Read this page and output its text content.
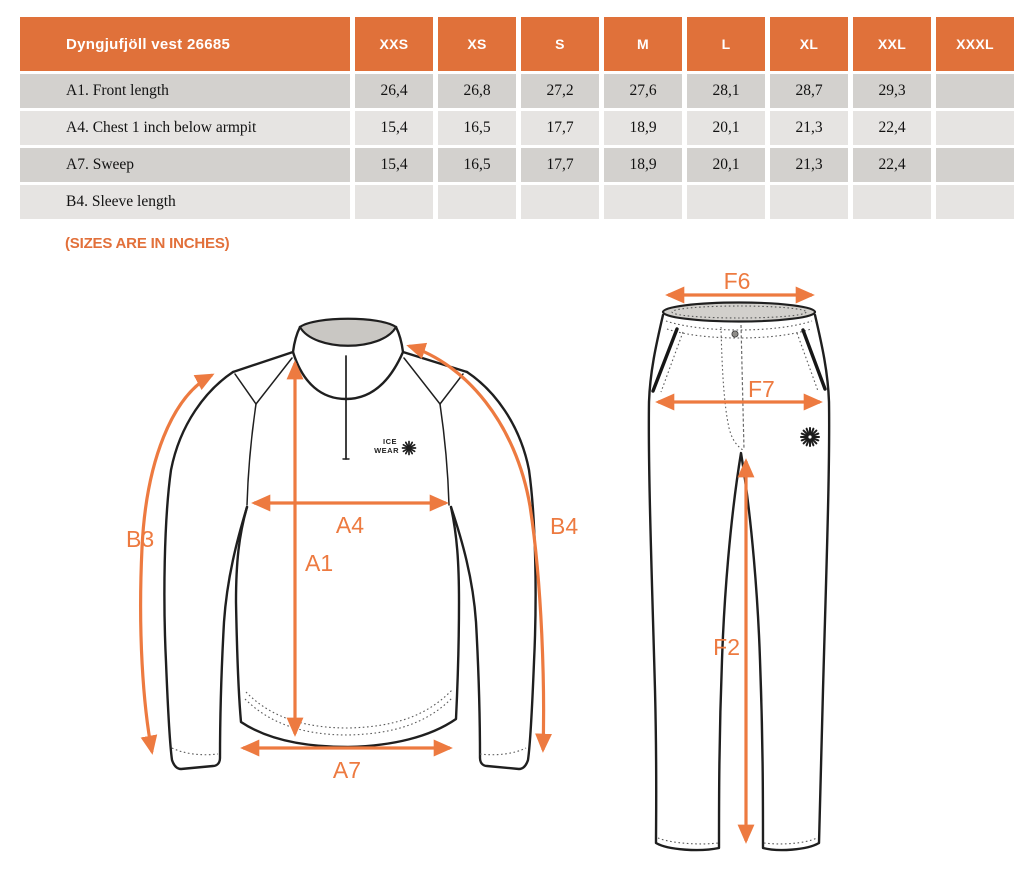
Dyngjufjöll vest 26685	XXS	XS	S	M	L	XL	XXL	XXXL
A1. Front length	26,4	26,8	27,2	27,6	28,1	28,7	29,3
A4. Chest 1 inch below armpit	15,4	16,5	17,7	18,9	20,1	21,3	22,4
A7. Sweep	15,4	16,5	17,7	18,9	20,1	21,3	22,4
B4. Sleeve length
(SIZES ARE IN INCHES)
ICE
WEAR
B3
A4
A1
B4
A7
F6
F7
F2
